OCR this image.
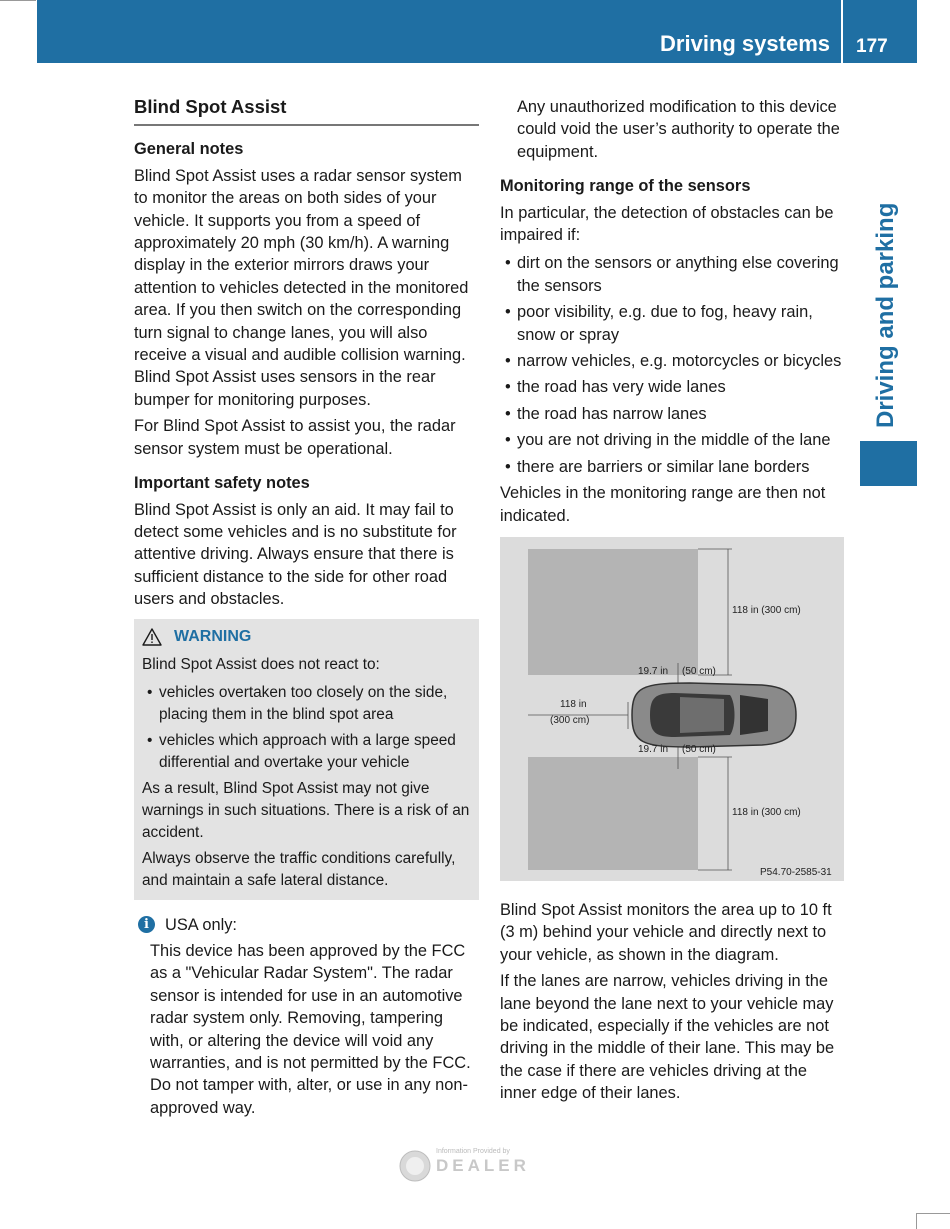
Driving systems 177
Driving and parking
Blind Spot Assist
General notes

Blind Spot Assist uses a radar sensor system to monitor the areas on both sides of your vehicle. It supports you from a speed of approximately 20 mph (30 km/h). A warning display in the exterior mirrors draws your attention to vehicles detected in the monitored area. If you then switch on the corresponding turn signal to change lanes, you will also receive a visual and audible collision warning. Blind Spot Assist uses sensors in the rear bumper for monitoring purposes.

For Blind Spot Assist to assist you, the radar sensor system must be operational.

Important safety notes

Blind Spot Assist is only an aid. It may fail to detect some vehicles and is no substitute for attentive driving. Always ensure that there is sufficient distance to the side for other road users and obstacles.

WARNING

Blind Spot Assist does not react to:

• vehicles overtaken too closely on the side, placing them in the blind spot area
• vehicles which approach with a large speed differential and overtake your vehicle

As a result, Blind Spot Assist may not give warnings in such situations. There is a risk of an accident.

Always observe the traffic conditions carefully, and maintain a safe lateral distance.

i USA only:
This device has been approved by the FCC as a "Vehicular Radar System". The radar sensor is intended for use in an automotive radar system only. Removing, tampering with, or altering the device will void any warranties, and is not permitted by the FCC. Do not tamper with, alter, or use in any non-approved way.

Any unauthorized modification to this device could void the user’s authority to operate the equipment.

Monitoring range of the sensors

In particular, the detection of obstacles can be impaired if:

• dirt on the sensors or anything else covering the sensors
• poor visibility, e.g. due to fog, heavy rain, snow or spray
• narrow vehicles, e.g. motorcycles or bicycles
• the road has very wide lanes
• the road has narrow lanes
• you are not driving in the middle of the lane
• there are barriers or similar lane borders

Vehicles in the monitoring range are then not indicated.

118 in (300 cm)
19.7 in (50 cm)
118 in
(300 cm)
19.7 in (50 cm)
118 in (300 cm)
P54.70-2585-31

Blind Spot Assist monitors the area up to 10 ft (3 m) behind your vehicle and directly next to your vehicle, as shown in the diagram.

If the lanes are narrow, vehicles driving in the lane beyond the lane next to your vehicle may be indicated, especially if the vehicles are not driving in the middle of their lane. This may be the case if there are vehicles driving at the inner edge of their lanes.

Information Provided by
DEALER
